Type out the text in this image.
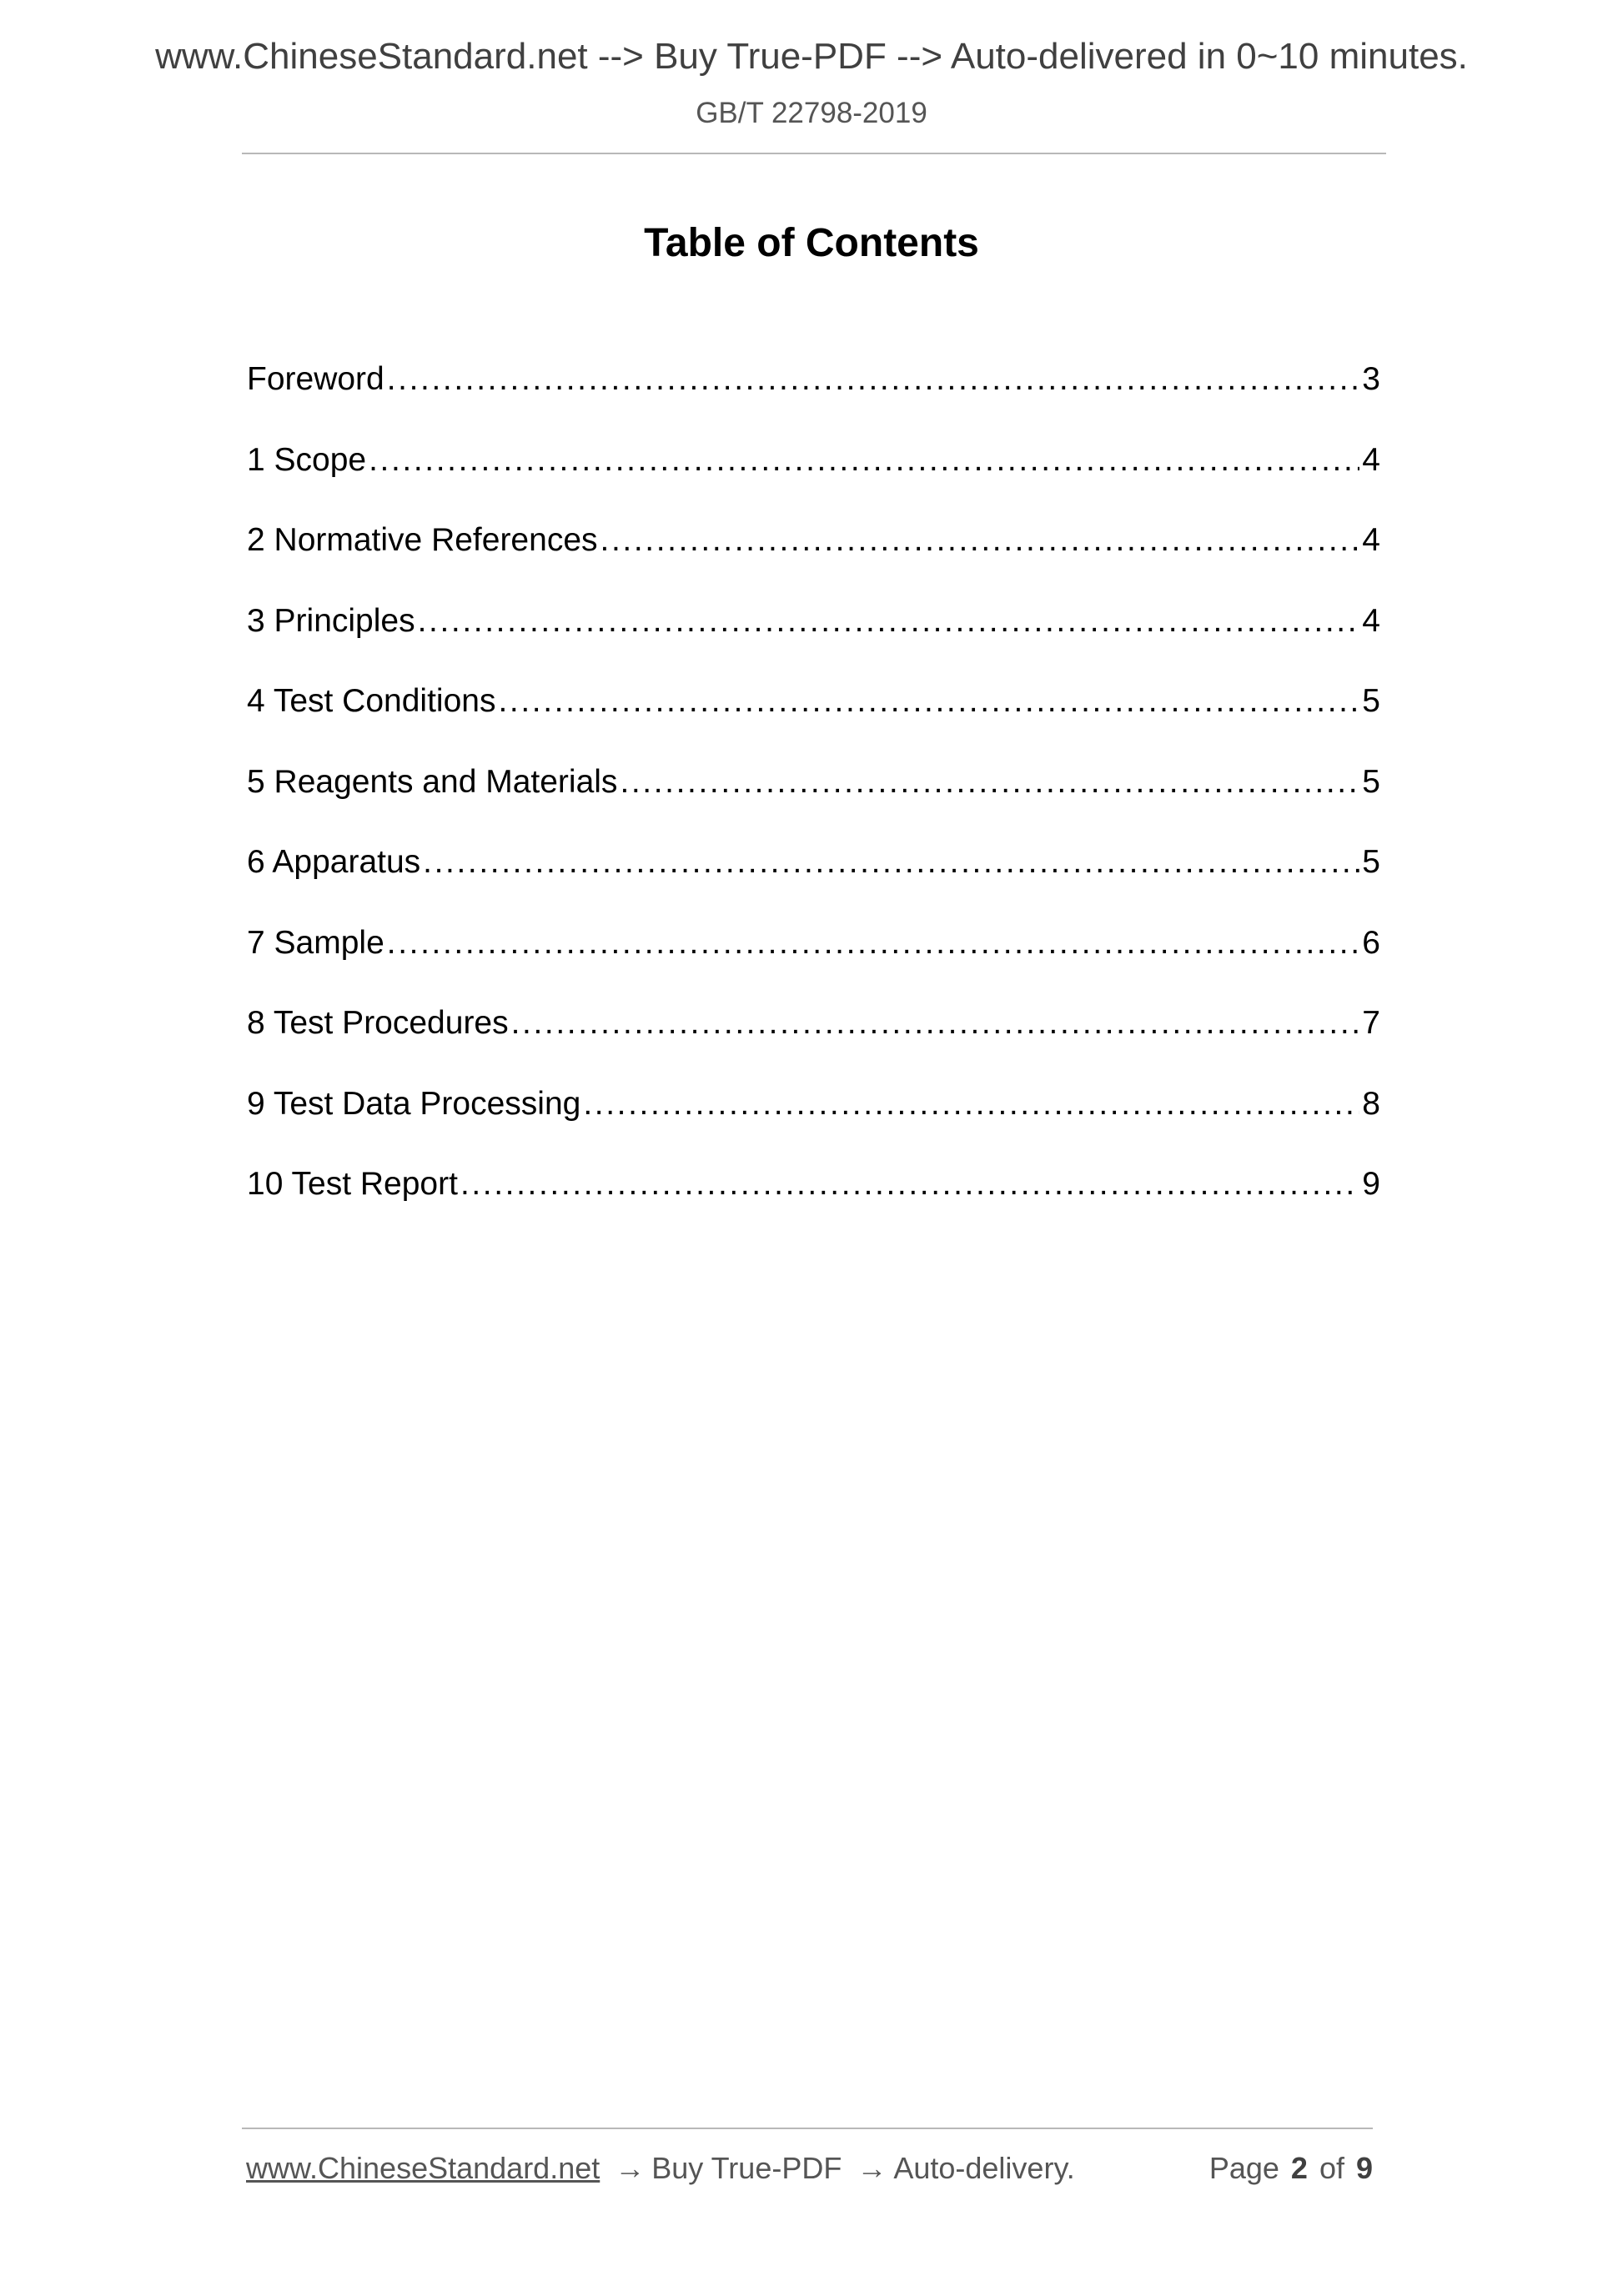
www.ChineseStandard.net --> Buy True-PDF --> Auto-delivered in 0~10 minutes.
GB/T 22798-2019
Table of Contents
Foreword .....	3
1 Scope .....	4
2 Normative References .....	4
3 Principles .....	4
4 Test Conditions .....	5
5 Reagents and Materials .....	5
6 Apparatus .....	5
7 Sample .....	6
8 Test Procedures .....	7
9 Test Data Processing .....	8
10 Test Report .....	9
www.ChineseStandard.net → Buy True-PDF → Auto-delivery.	Page 2 of 9
